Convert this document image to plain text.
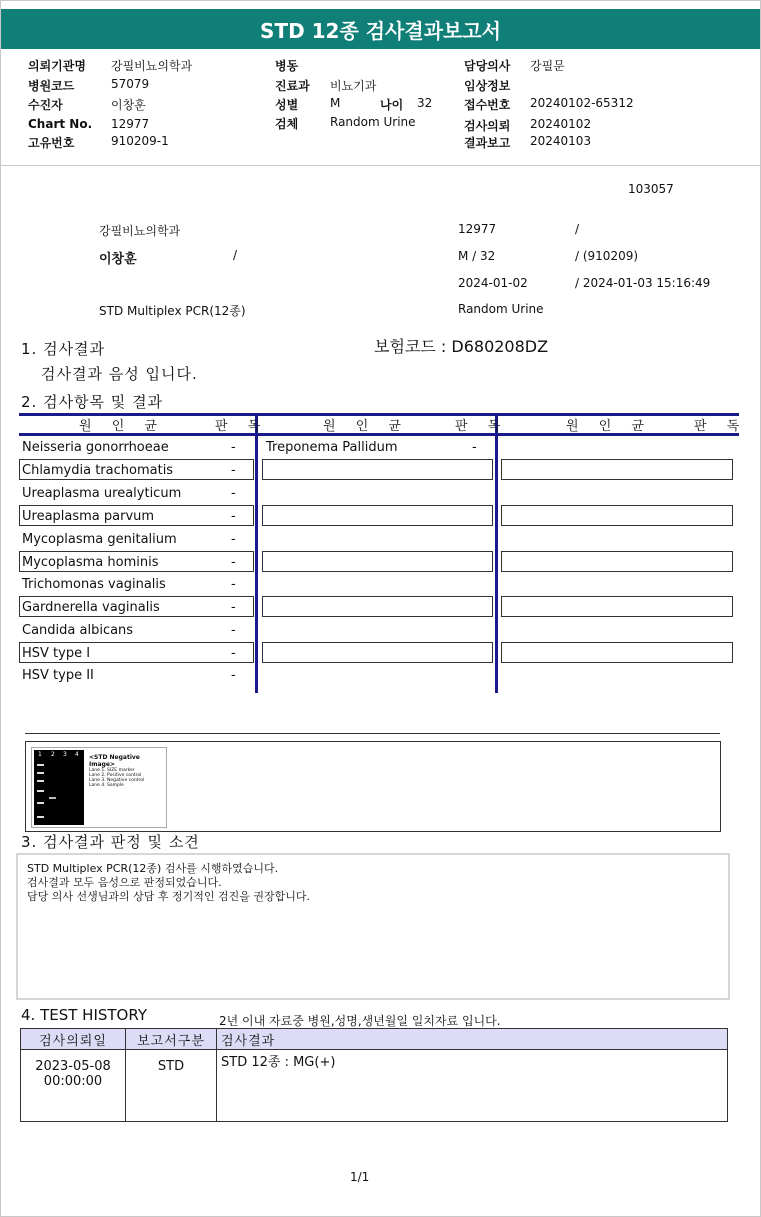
STD 12종 검사결과보고서
의뢰기관명 강필비뇨의학과	병동	담당의사 강필문
병원코드	57079	진료과 비뇨기과	임상정보
수진자	이창훈	성별	M	나이 32	접수번호 20240102-65312
Chart No. 12977	검체	Random Urine	검사의뢰 20240102
고유번호	910209-1	결과보고 20240103
103057
강필비뇨의학과	12977	/
이창훈	/	M / 32	/ (910209)
2024-01-02	/ 2024-01-03 15:16:49
STD Multiplex PCR(12종)	Random Urine
1. 검사결과	보험코드 : D680208DZ
검사결과 음성 입니다.
2. 검사항목 및 결과
원 인 균	판 독	원 인 균	판 독	원 인 균	판 독
Neisseria gonorrhoeae	-
Chlamydia trachomatis	-
Ureaplasma urealyticum	-
Ureaplasma parvum	-
Mycoplasma genitalium	-
Mycoplasma hominis	-
Trichomonas vaginalis	-
Gardnerella vaginalis	-
Candida albicans	-
HSV type I	-
HSV type II	-
Treponema Pallidum	-
1 2 3 4 <STD Negative Image>
Lane 1. SIZE marker
Lane 2. Positive control
Lane 3. Negative control
Lane 4. Sample
3. 검사결과 판정 및 소견
STD Multiplex PCR(12종) 검사를 시행하였습니다.
검사결과 모두 음성으로 판정되었습니다.
담당 의사 선생님과의 상담 후 정기적인 검진을 권장합니다.
4. TEST HISTORY	2년 이내 자료중 병원,성명,생년월일 일치자료 입니다.
검사의뢰일	보고서구분	검사결과

2023-05-08
00:00:00	STD	STD 12종 : MG(+)
1/1
